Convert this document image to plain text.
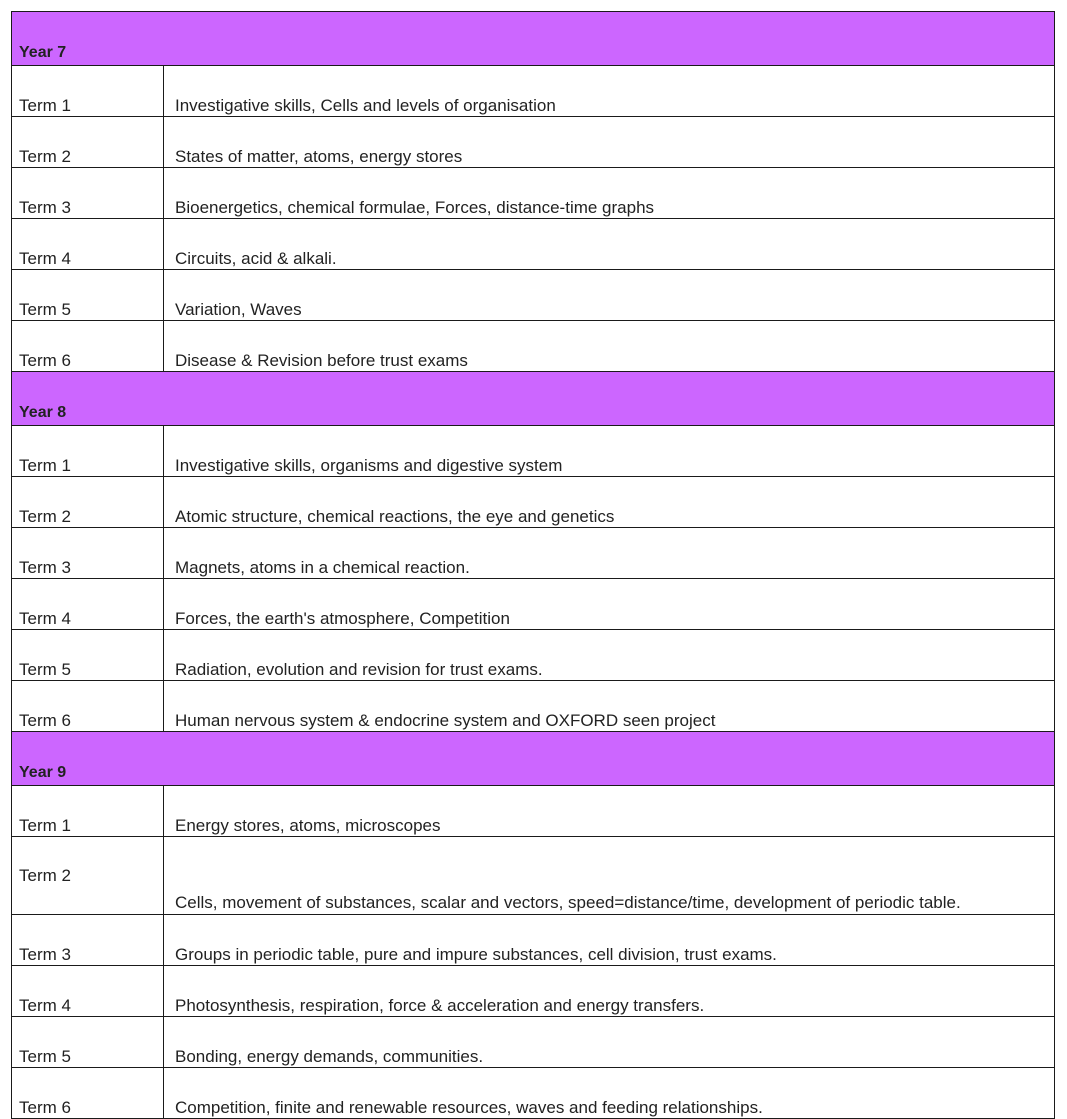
Year 7	
Term 1	Investigative skills, Cells and levels of organisation
Term 2	States of matter, atoms, energy stores
Term 3	Bioenergetics, chemical formulae, Forces, distance-time graphs
Term 4	Circuits, acid & alkali.
Term 5	Variation, Waves
Term 6	Disease & Revision before trust exams
Year 8	
Term 1	Investigative skills, organisms and digestive system
Term 2	Atomic structure, chemical reactions, the eye and genetics
Term 3	Magnets, atoms in a chemical reaction.
Term 4	Forces, the earth's atmosphere, Competition
Term 5	Radiation, evolution and revision for trust exams.
Term 6	Human nervous system & endocrine system and OXFORD seen project
Year 9	
Term 1	Energy stores, atoms, microscopes
Term 2	Cells, movement of substances, scalar and vectors, speed=distance/time, development of periodic table.
Term 3	Groups in periodic table, pure and impure substances, cell division, trust exams.
Term 4	Photosynthesis, respiration, force & acceleration and energy transfers.
Term 5	Bonding, energy demands, communities.
Term 6	Competition, finite and renewable resources, waves and feeding relationships.
